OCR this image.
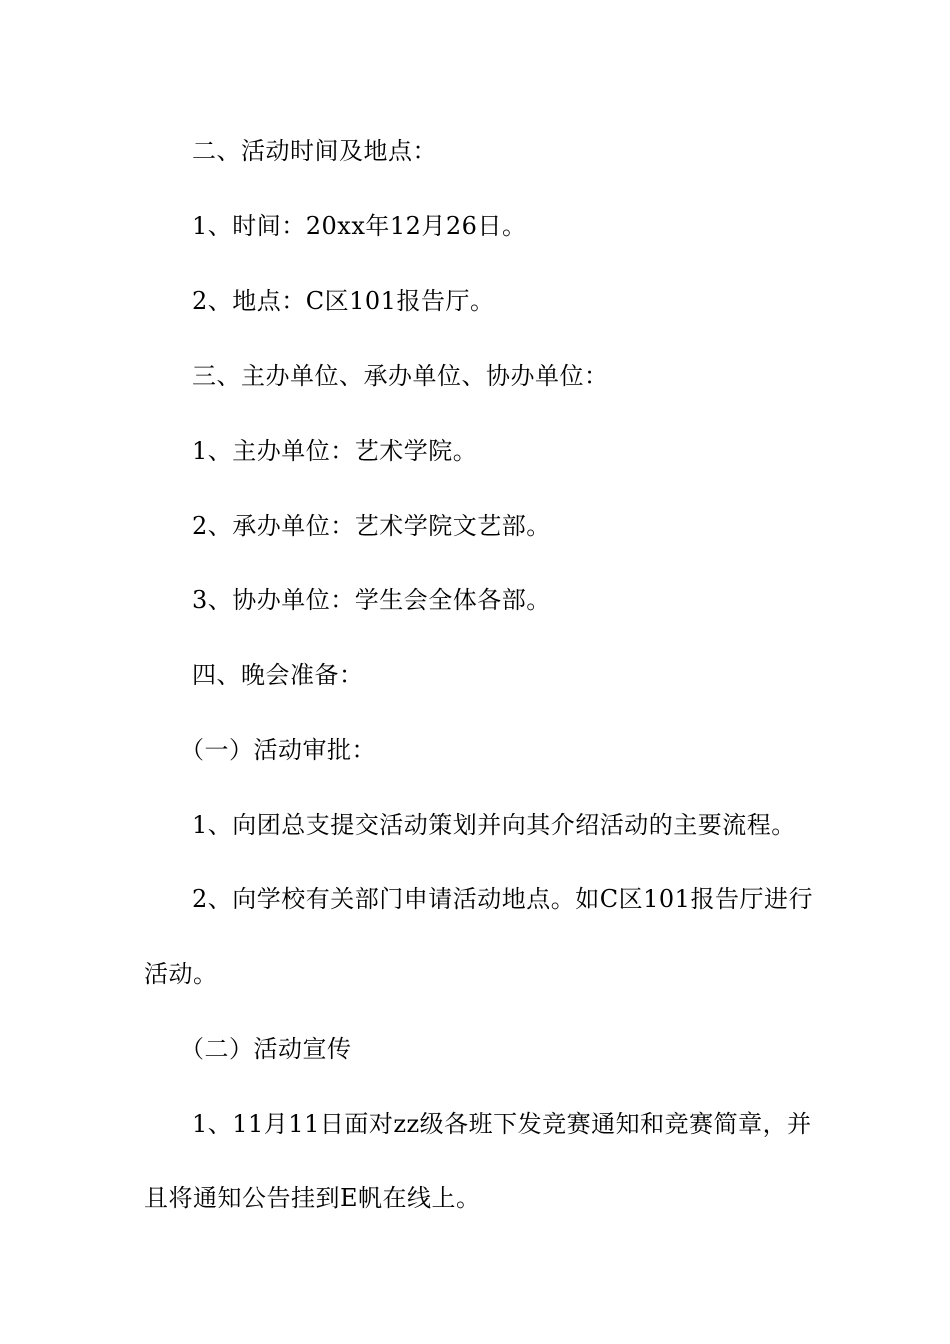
二、活动时间及地点：
1、时间：20xx年12月26日。
2、地点：C区101报告厅。
三、主办单位、承办单位、协办单位：
1、主办单位：艺术学院。
2、承办单位：艺术学院文艺部。
3、协办单位：学生会全体各部。
四、晚会准备：
（一）活动审批：
1、向团总支提交活动策划并向其介绍活动的主要流程。
2、向学校有关部门申请活动地点。如C区101报告厅进行
活动。
（二）活动宣传
1、11月11日面对zz级各班下发竞赛通知和竞赛简章，并
且将通知公告挂到E帆在线上。
